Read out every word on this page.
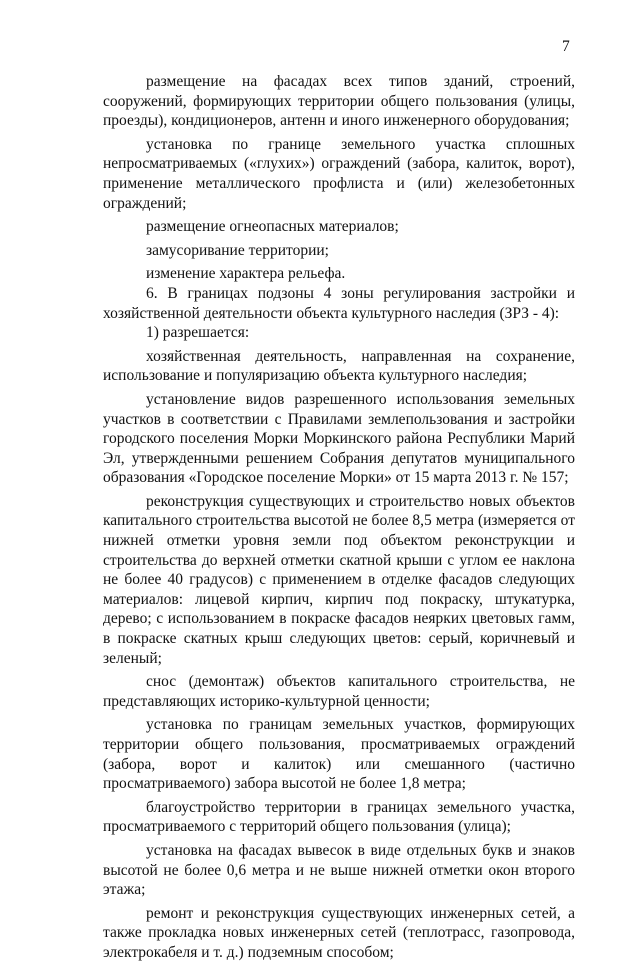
7

размещение на фасадах всех типов зданий, строений, сооружений, формирующих территории общего пользования (улицы, проезды), кондиционеров, антенн и иного инженерного оборудования;

установка по границе земельного участка сплошных непросматриваемых («глухих») ограждений (забора, калиток, ворот), применение металлического профлиста и (или) железобетонных ограждений;

размещение огнеопасных материалов;

замусоривание территории;

изменение характера рельефа.

6. В границах подзоны 4 зоны регулирования застройки и хозяйственной деятельности объекта культурного наследия (ЗРЗ - 4):

1) разрешается:

хозяйственная деятельность, направленная на сохранение, использование и популяризацию объекта культурного наследия;

установление видов разрешенного использования земельных участков в соответствии с Правилами землепользования и застройки городского поселения Морки Моркинского района Республики Марий Эл, утвержденными решением Собрания депутатов муниципального образования «Городское поселение Морки» от 15 марта 2013 г. № 157;

реконструкция существующих и строительство новых объектов капитального строительства высотой не более 8,5 метра (измеряется от нижней отметки уровня земли под объектом реконструкции и строительства до верхней отметки скатной крыши с углом ее наклона не более 40 градусов) с применением в отделке фасадов следующих материалов: лицевой кирпич, кирпич под покраску, штукатурка, дерево; с использованием в покраске фасадов неярких цветовых гамм, в покраске скатных крыш следующих цветов: серый, коричневый и зеленый;

снос (демонтаж) объектов капитального строительства, не представляющих историко-культурной ценности;

установка по границам земельных участков, формирующих территории общего пользования, просматриваемых ограждений (забора, ворот и калиток) или смешанного (частично просматриваемого) забора высотой не более 1,8 метра;

благоустройство территории в границах земельного участка, просматриваемого с территорий общего пользования (улица);

установка на фасадах вывесок в виде отдельных букв и знаков высотой не более 0,6 метра и не выше нижней отметки окон второго этажа;

ремонт и реконструкция существующих инженерных сетей, а также прокладка новых инженерных сетей (теплотрасс, газопровода, электрокабеля и т. д.) подземным способом;
